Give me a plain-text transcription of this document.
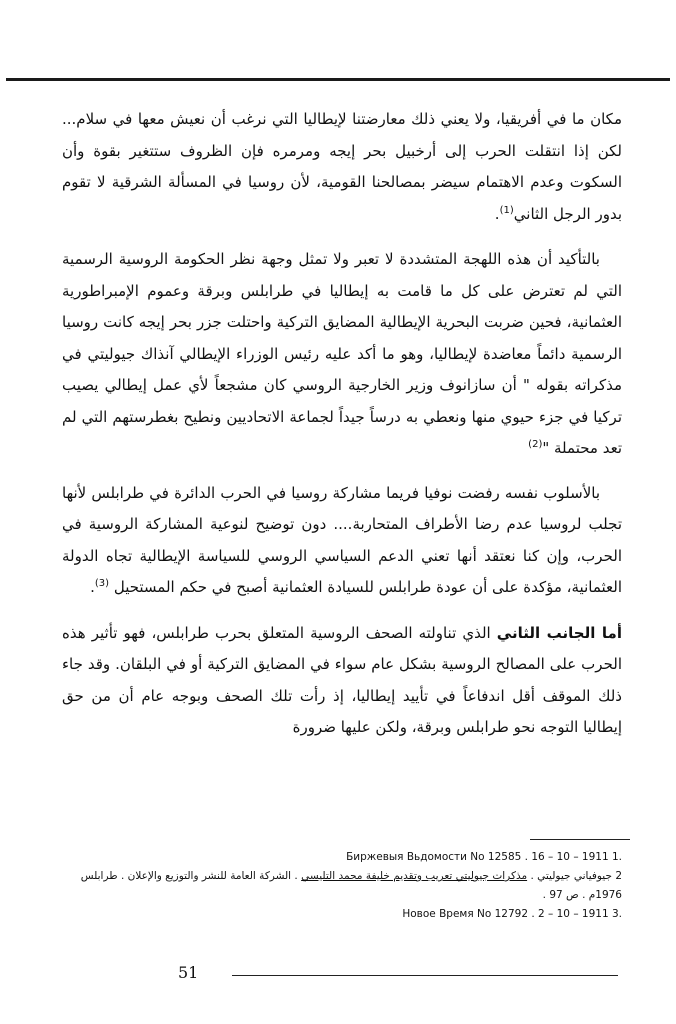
مكان ما في أفريقيا، ولا يعني ذلك معارضتنا لإيطاليا التي نرغب أن نعيش معها في سلام... لكن إذا انتقلت الحرب إلى أرخبيل بحر إيجه ومرمره فإن الظروف ستتغير بقوة وأن السكوت وعدم الاهتمام سيضر بمصالحنا القومية، لأن روسيا في المسألة الشرقية لا تقوم بدور الرجل الثاني$^{(1)}$.

بالتأكيد أن هذه اللهجة المتشددة لا تعبر ولا تمثل وجهة نظر الحكومة الروسية الرسمية التي لم تعترض على كل ما قامت به إيطاليا في طرابلس وبرقة وعموم الإمبراطورية العثمانية، فحين ضربت البحرية الإيطالية المضايق التركية واحتلت جزر بحر إيجه كانت روسيا الرسمية دائماً معاضدة لإيطاليا، وهو ما أكد عليه رئيس الوزراء الإيطالي آنذاك جيوليتي في مذكراته بقوله " أن سازانوف وزير الخارجية الروسي كان مشجعاً لأي عمل إيطالي يصيب تركيا في جزء حيوي منها ونعطي به درساً جيداً لجماعة الاتحاديين ونطيح بغطرستهم التي لم تعد محتملة "$^{(2)}$

بالأسلوب نفسه رفضت نوفيا فريما مشاركة روسيا في الحرب الدائرة في طرابلس لأنها تجلب لروسيا عدم رضا الأطراف المتحاربة.... دون توضيح لنوعية المشاركة الروسية في الحرب، وإن كنا نعتقد أنها تعني الدعم السياسي الروسي للسياسة الإيطالية تجاه الدولة العثمانية، مؤكدة على أن عودة طرابلس للسيادة العثمانية أصبح في حكم المستحيل $^{(3)}$.

أما الجانب الثاني الذي تناولته الصحف الروسية المتعلق بحرب طرابلس، فهو تأثير هذه الحرب على المصالح الروسية بشكل عام سواء في المضايق التركية أو في البلقان. وقد جاء ذلك الموقف أقل اندفاعاً في تأييد إيطاليا، إذ رأت تلك الصحف وبوجه عام أن من حق إيطاليا التوجه نحو طرابلس وبرقة، ولكن عليها ضرورة

Биржевыя Вьдомости No 12585 . 16 – 10 – 1911 1.

2 جيوفياني جيوليتي . مذكرات جيوليتي تعريب وتقديم خليفة محمد التليسي . الشركة العامة للنشر والتوزيع والإعلان . طرابلس 1976م . ص 97 .

Новое Время No 12792 . 2 – 10 – 1911 3.

51
